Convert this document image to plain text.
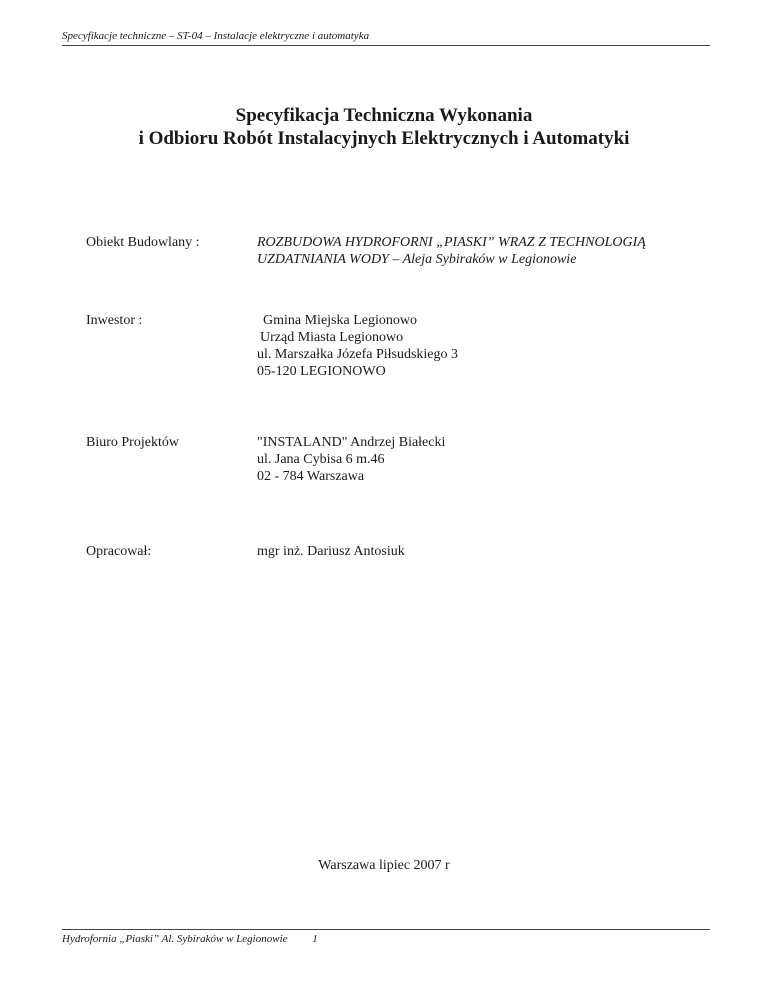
Specyfikacje techniczne – ST-04 – Instalacje elektryczne i automatyka
Specyfikacja Techniczna Wykonania
i Odbioru Robót Instalacyjnych Elektrycznych i Automatyki
Obiekt Budowlany :	ROZBUDOWA HYDROFORNI „PIASKI” WRAZ Z TECHNOLOGIĄ
UZDATNIANIA WODY – Aleja Sybiraków w Legionowie
Inwestor :	Gmina Miejska Legionowo
Urząd Miasta Legionowo
ul. Marszałka Józefa Piłsudskiego 3
05-120 LEGIONOWO
Biuro Projektów	"INSTALAND" Andrzej Białecki
ul. Jana Cybisa 6 m.46
02 - 784 Warszawa
Opracował:	mgr inż. Dariusz Antosiuk
Warszawa lipiec 2007 r
Hydrofornia „Piaski” Al. Sybiraków w Legionowie 1
